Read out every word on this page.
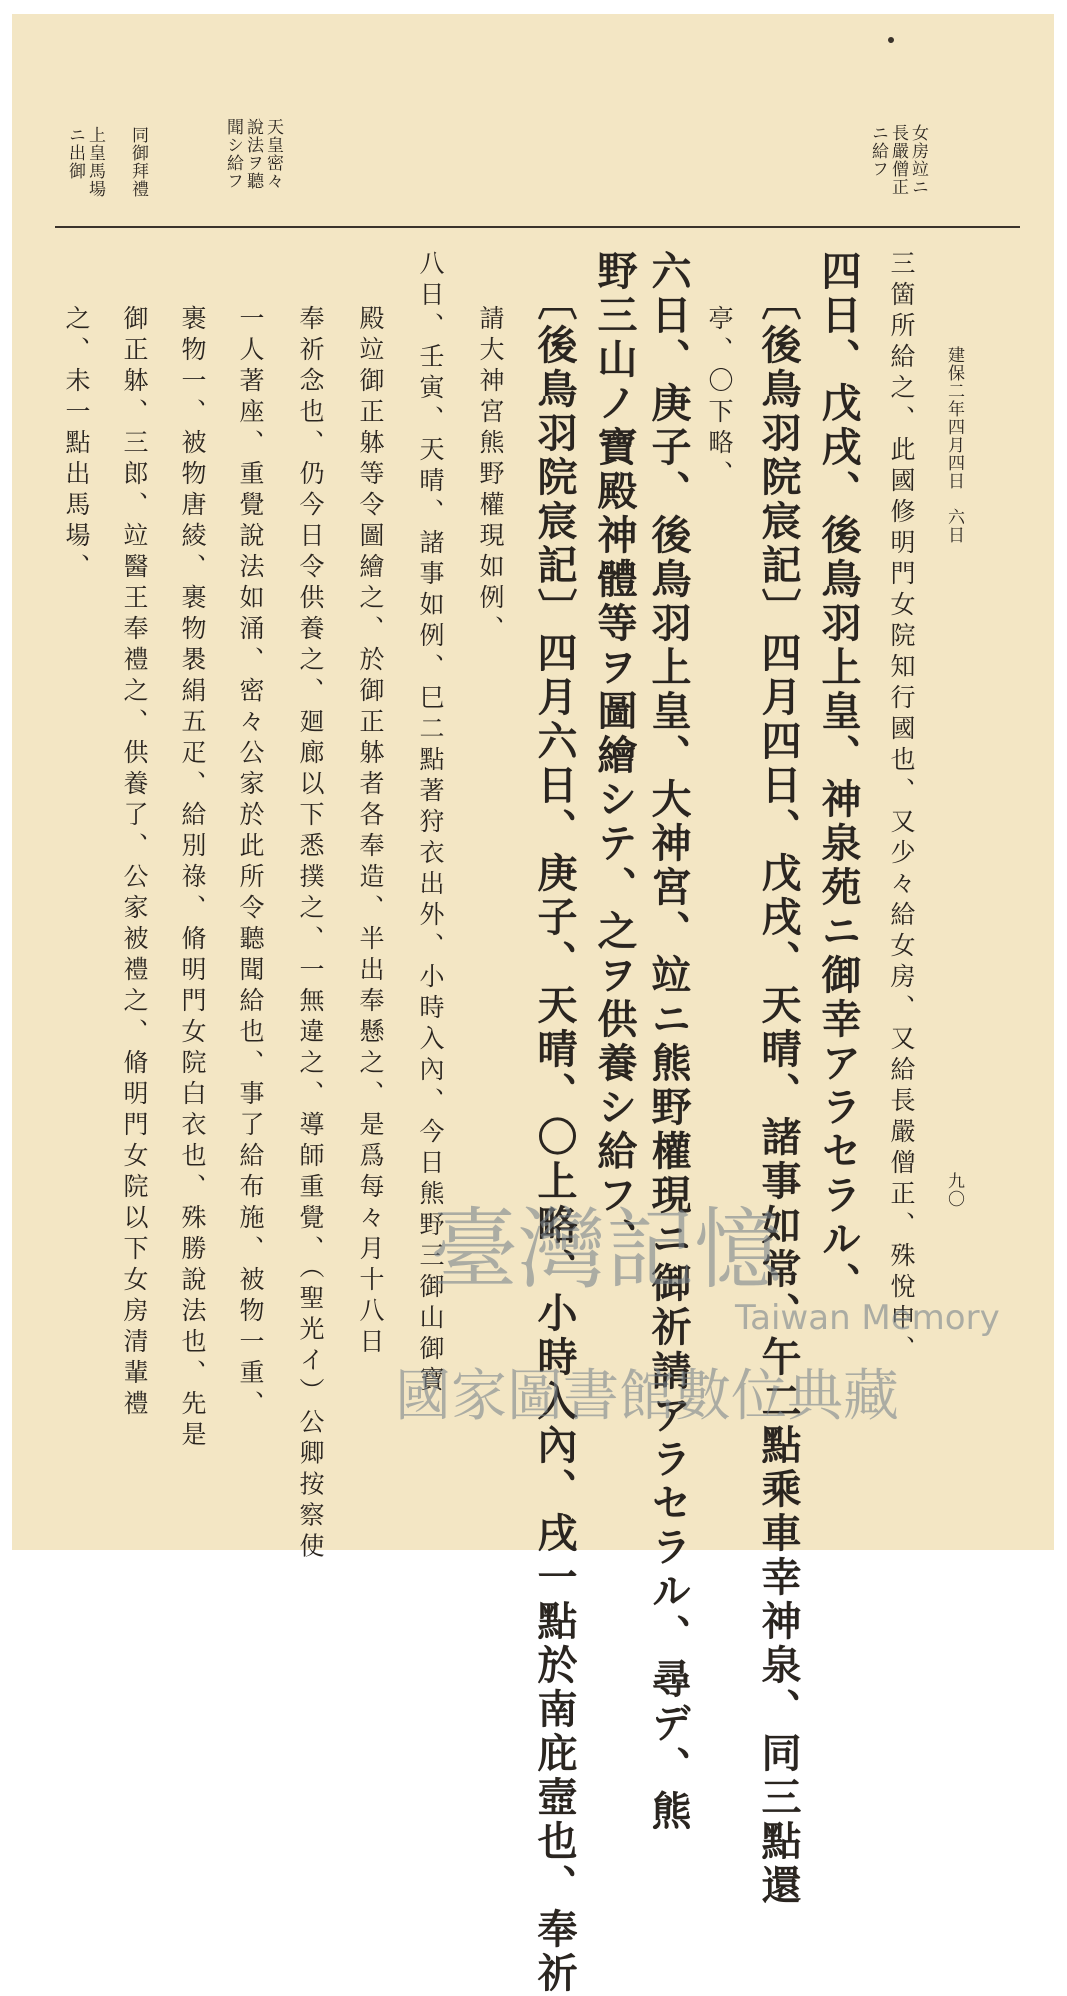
建保二年四月四日　六日
九〇
女房竝ニ
長嚴僧正
ニ給フ
天皇密々
說法ヲ聽
聞シ給フ
同御拜禮
上皇馬場
ニ出御
三箇所給之、此國修明門女院知行國也、又少々給女房、又給長嚴僧正、殊悅申、
四日、戊戌、後鳥羽上皇、神泉苑ニ御幸アラセラル、
〔後鳥羽院宸記〕四月四日、戊戌、天晴、諸事如常、午二點乘車幸神泉、同三點還
亭、〇下略、
六日、庚子、後鳥羽上皇、大神宮、竝ニ熊野權現ニ御祈請アラセラル、尋デ、熊
野三山ノ寶殿神體等ヲ圖繪シテ、之ヲ供養シ給フ、
〔後鳥羽院宸記〕四月六日、庚子、天晴、〇上略、小時入內、戌一點於南庇壼也、奉祈
請大神宮熊野權現如例、
八日、壬寅、天晴、諸事如例、巳二點著狩衣出外、小時入內、今日熊野三御山御寶
殿竝御正躰等令圖繪之、於御正躰者各奉造、半出奉懸之、是爲每々月十八日
奉祈念也、仍今日令供養之、廻廊以下悉撲之、一無違之、導師重覺、（聖光イ）公卿按察使
一人著座、重覺說法如涌、密々公家於此所令聽聞給也、事了給布施、被物一重、
裹物一、被物唐綾、裹物褁絹五疋、給別祿、脩明門女院白衣也、殊勝說法也、先是
御正躰、三郎、竝醫王奉禮之、供養了、公家被禮之、脩明門女院以下女房清輩禮
之、未一點出馬場、
臺灣記憶
Taiwan Memory
國家圖書館數位典藏
